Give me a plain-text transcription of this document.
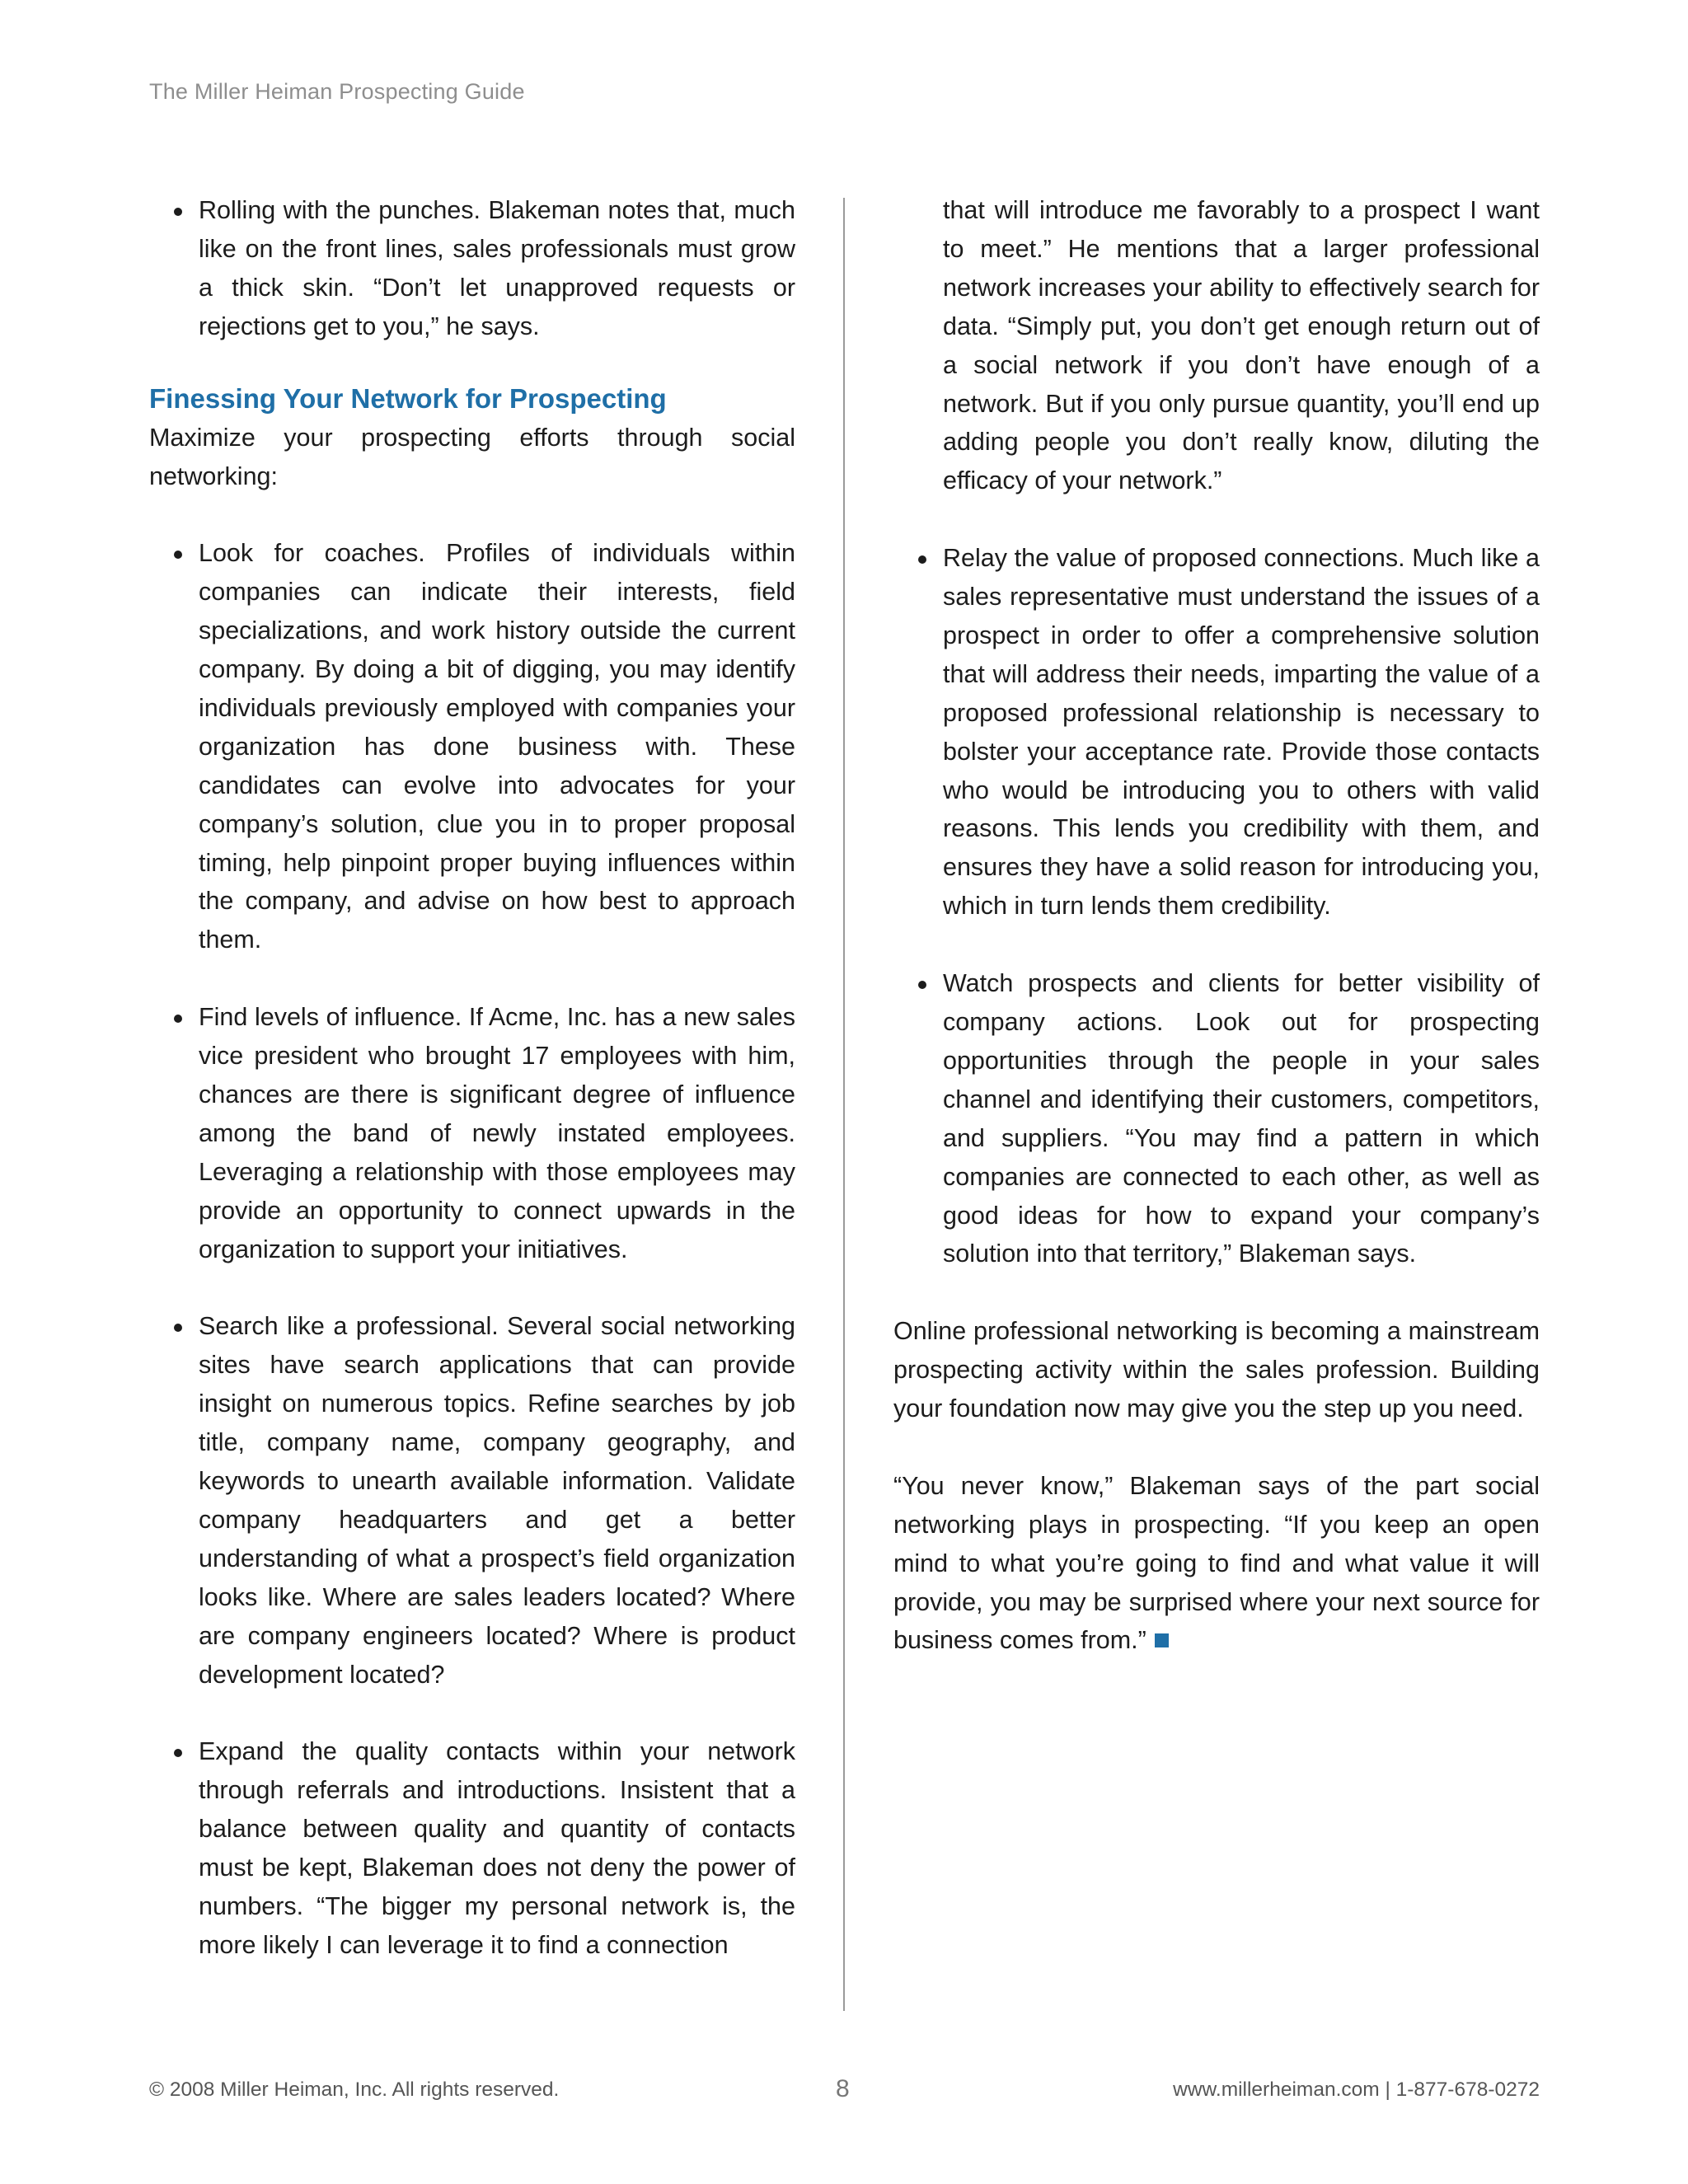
The Miller Heiman Prospecting Guide
Rolling with the punches. Blakeman notes that, much like on the front lines, sales professionals must grow a thick skin. “Don’t let unapproved requests or rejections get to you,” he says.
Finessing Your Network for Prospecting

Maximize your prospecting efforts through social networking:

Look for coaches. Profiles of individuals within companies can indicate their interests, field specializations, and work history outside the current company. By doing a bit of digging, you may identify individuals previously employed with companies your organization has done business with. These candidates can evolve into advocates for your company’s solution, clue you in to proper proposal timing, help pinpoint proper buying influences within the company, and advise on how best to approach them.
Find levels of influence. If Acme, Inc. has a new sales vice president who brought 17 employees with him, chances are there is significant degree of influence among the band of newly instated employees. Leveraging a relationship with those employees may provide an opportunity to connect upwards in the organization to support your initiatives.
Search like a professional. Several social networking sites have search applications that can provide insight on numerous topics. Refine searches by job title, company name, company geography, and keywords to unearth available information. Validate company headquarters and get a better understanding of what a prospect’s field organization looks like. Where are sales leaders located? Where are company engineers located? Where is product development located?
Expand the quality contacts within your network through referrals and introductions. Insistent that a balance between quality and quantity of contacts must be kept, Blakeman does not deny the power of numbers. “The bigger my personal network is, the more likely I can leverage it to find a connection

that will introduce me favorably to a prospect I want to meet.” He mentions that a larger professional network increases your ability to effectively search for data. “Simply put, you don’t get enough return out of a social network if you don’t have enough of a network. But if you only pursue quantity, you’ll end up adding people you don’t really know, diluting the efficacy of your network.”

Relay the value of proposed connections. Much like a sales representative must understand the issues of a prospect in order to offer a comprehensive solution that will address their needs, imparting the value of a proposed professional relationship is necessary to bolster your acceptance rate. Provide those contacts who would be introducing you to others with valid reasons. This lends you credibility with them, and ensures they have a solid reason for introducing you, which in turn lends them credibility.
Watch prospects and clients for better visibility of company actions. Look out for prospecting opportunities through the people in your sales channel and identifying their customers, competitors, and suppliers. “You may find a pattern in which companies are connected to each other, as well as good ideas for how to expand your company’s solution into that territory,” Blakeman says.

Online professional networking is becoming a mainstream prospecting activity within the sales profession. Building your foundation now may give you the step up you need.

“You never know,” Blakeman says of the part social networking plays in prospecting. “If you keep an open mind to what you’re going to find and what value it will provide, you may be surprised where your next source for business comes from.”

© 2008 Miller Heiman, Inc. All rights reserved.	8	www.millerheiman.com | 1-877-678-0272
